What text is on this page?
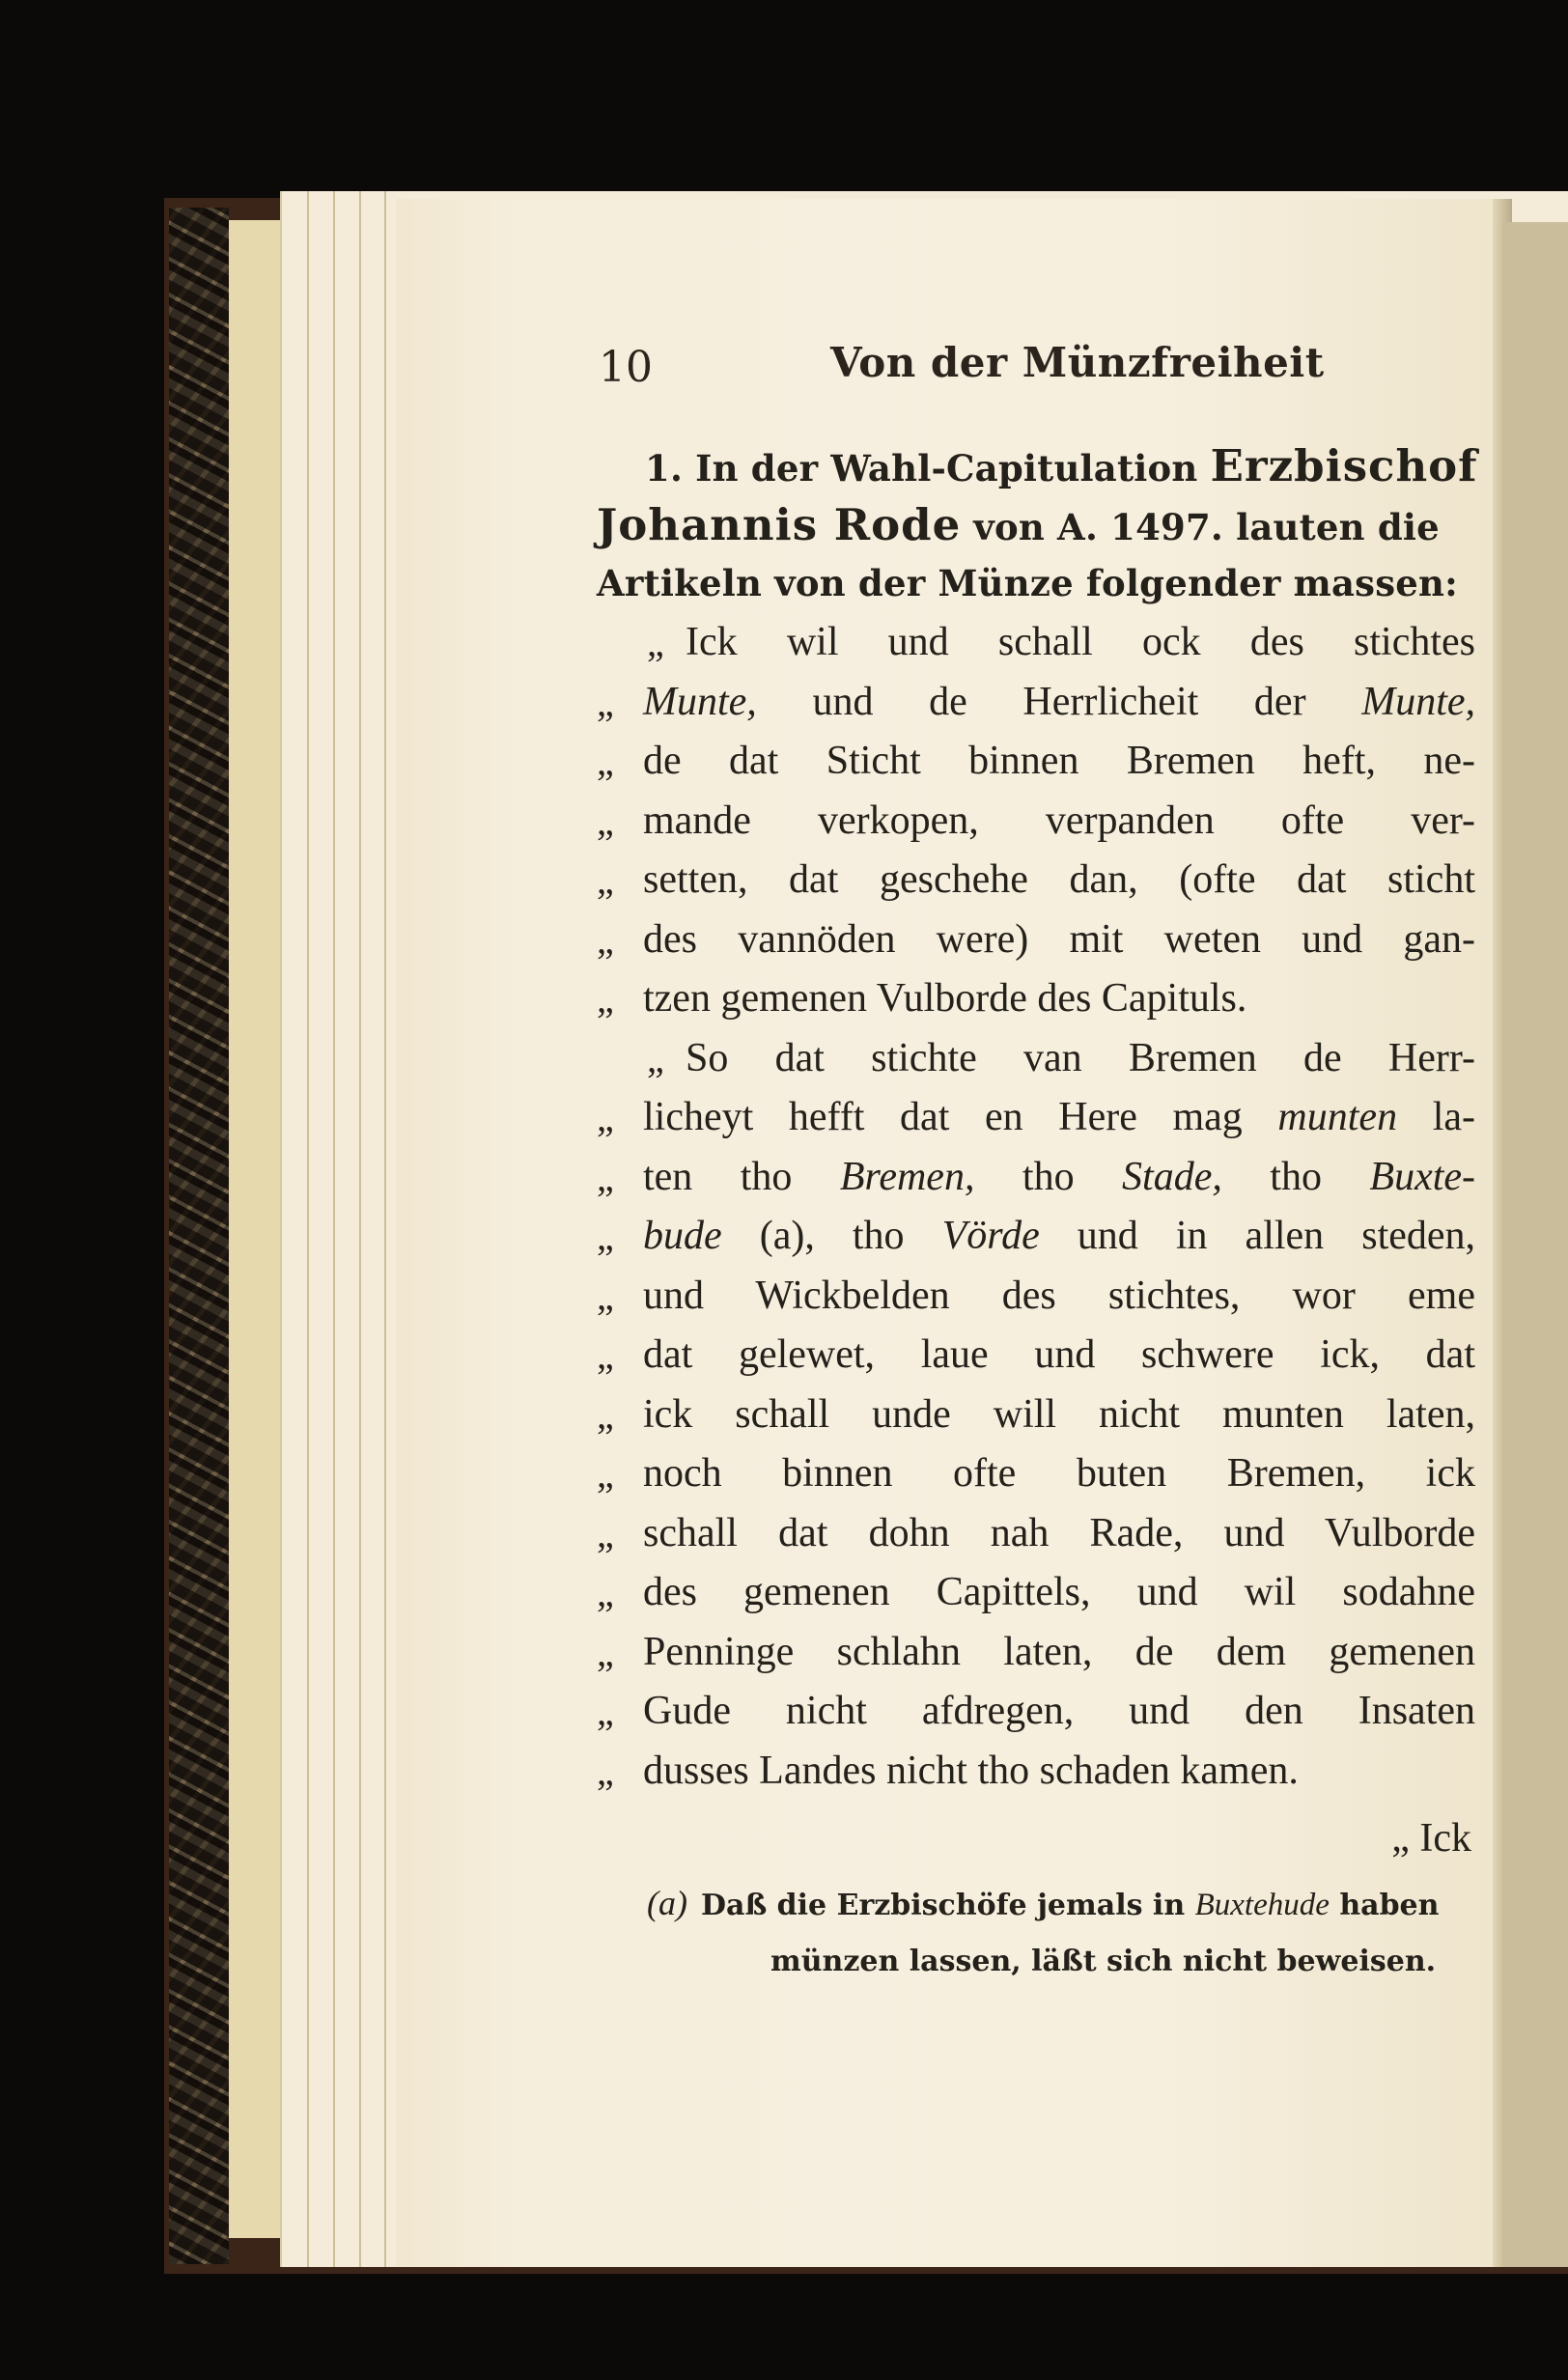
10	Von der Münzfreiheit
1. In der Wahl-Capitulation Erzbischof
Johannis Rode von A. 1497. lauten die
Artikeln von der Münze folgender massen:
„ Ick wil und schall ock des stichtes
„ Munte, und de Herrlicheit der Munte,
„ de dat Sticht binnen Bremen heft, ne-
„ mande verkopen, verpanden ofte ver-
„ setten, dat geschehe dan, (ofte dat sticht
„ des vannöden were) mit weten und gan-
„ tzen gemenen Vulborde des Capituls.
„ So dat stichte van Bremen de Herr-
„ licheyt hefft dat en Here mag munten la-
„ ten tho Bremen, tho Stade, tho Buxte-
„ bude (a), tho Vörde und in allen steden,
„ und Wickbelden des stichtes, wor eme
„ dat gelewet, laue und schwere ick, dat
„ ick schall unde will nicht munten laten,
„ noch binnen ofte buten Bremen, ick
„ schall dat dohn nah Rade, und Vulborde
„ des gemenen Capittels, und wil sodahne
„ Penninge schlahn laten, de dem gemenen
„ Gude nicht afdregen, und den Insaten
„ dusses Landes nicht tho schaden kamen.
„ Ick
(a) Daß die Erzbischöfe jemals in Buxtehude haben
münzen lassen, läßt sich nicht beweisen.
